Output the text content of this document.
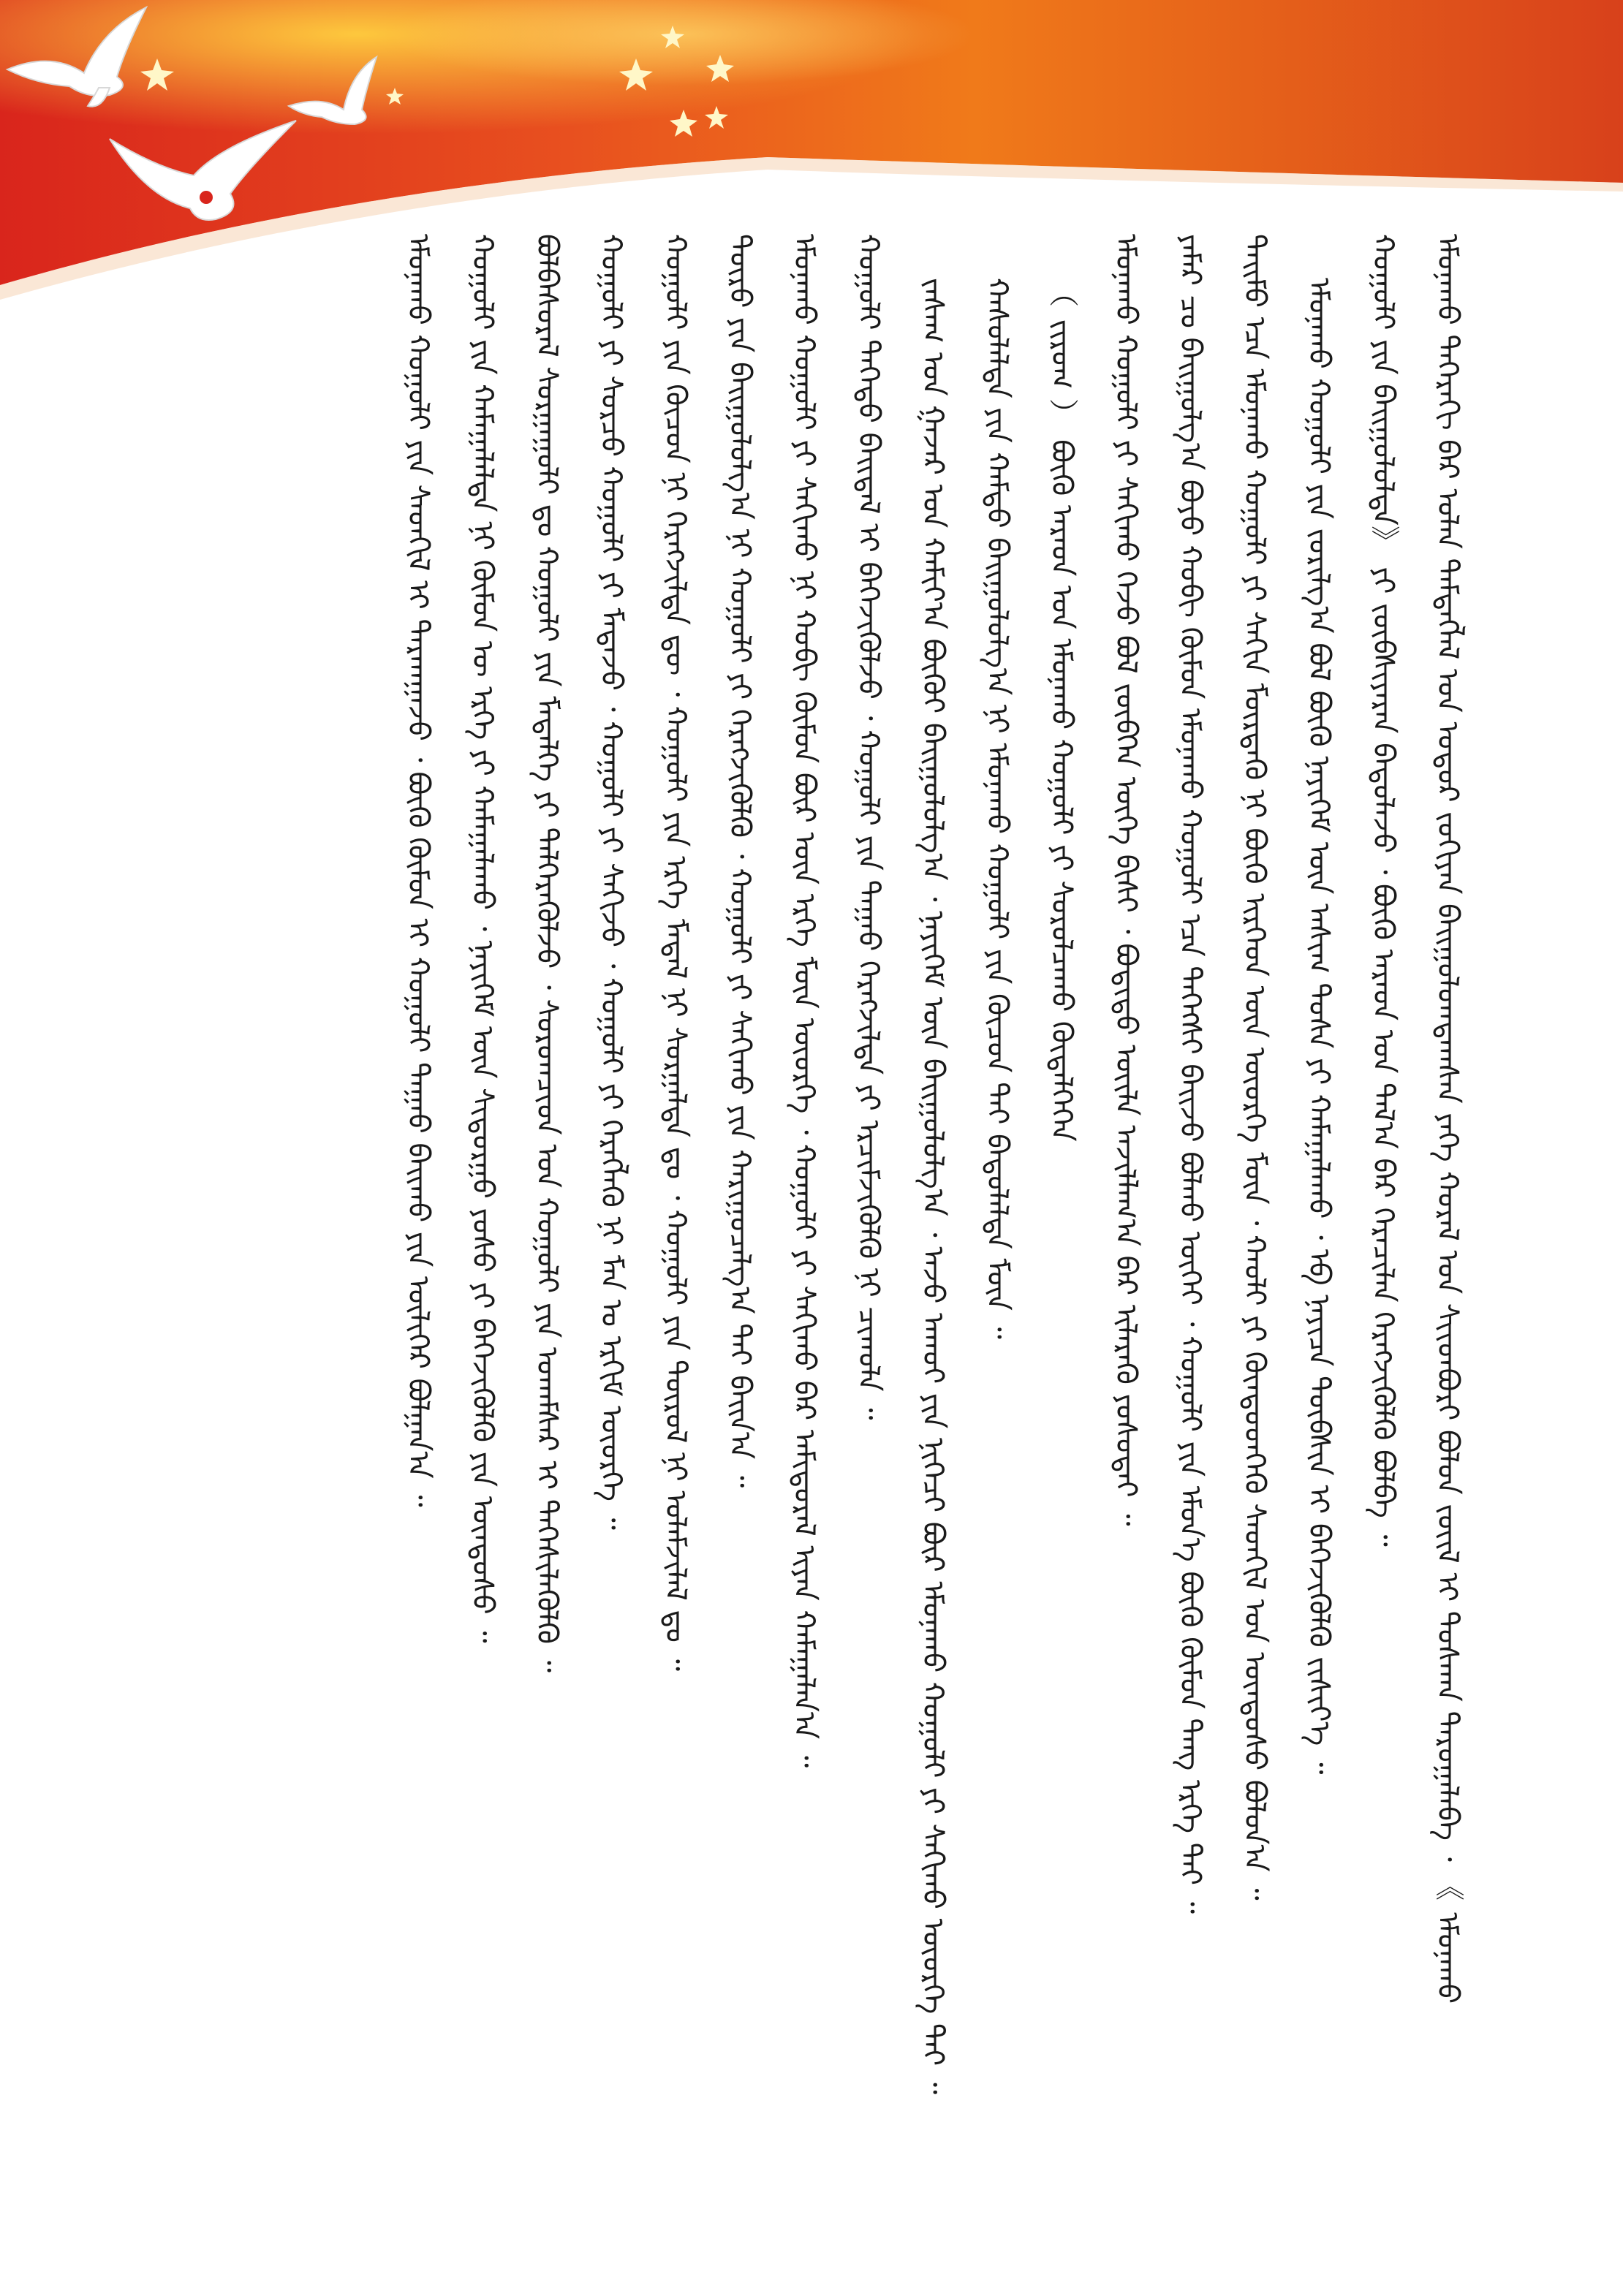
ᠡᠮᠤᠨᠡᠬᠤ ᠳᠡᠭᠡᠷᠡᠬᠢ ᠪᠠᠷ ᠣᠯᠠᠨ ᠲᠡᠮᠳᠡᠭᠯᠡᠯ ᠤᠨ ᠤᠳᠤᠷ ᠵᠣᠬᠢᠶᠠᠨ ᠪᠠᠢᠭᠤᠯᠤᠭᠳᠠᠭᠰᠠᠨ ᠶᠡᠬᠡ ᠬᠤᠷᠠᠯ ᠤᠨ ᠰᠢᠢᠳᠪᠦᠷᠢ ᠪᠣᠯᠤᠨ ᠵᠦᠢᠯ ᠢ ᠲᠤᠰᠬᠠᠨ ᠳᠠᠷᠤᠭᠠᠯᠠᠪᠠ ᠂ 《 ᠡᠮᠤᠨᠡᠬᠤ
ᠬᠤᠭᠤᠯᠢ ᠶᠢᠨ ᠪᠠᠢᠭᠤᠯᠤᠯᠲᠠ》 ᠶᠢ ᠵᠦᠪᠰᠢᠶᠡᠷᠡᠨ ᠪᠠᠲᠤᠯᠠᠵᠤ ᠂ ᠪᠦᠬᠦ ᠠᠷᠠᠳ ᠤᠨ ᠲᠠᠯ᠎ᠠ ᠪᠠᠷ ᠭᠡᠷᠡᠴᠢᠯᠡᠨ ᠬᠡᠷᠡᠭᠵᠢᠭᠦᠯᠬᠦ ᠪᠣᠯᠪᠠ ᠃
ᠡᠮᠤᠨᠡᠬᠤ ᠬᠤᠭᠤᠯᠢ ᠶᠢᠨ ᠵᠣᠷᠢᠯᠭ᠎ᠠ ᠪᠣᠯ ᠪᠦᠬᠦ ᠨᠡᠶᠢᠭᠡᠮ ᠦᠨ ᠠᠰᠢᠭ ᠲᠤᠰᠠ ᠶᠢ ᠬᠠᠮᠠᠭᠠᠯᠠᠬᠤ ᠂ ᠡᠪ ᠨᠡᠶᠢᠴᠡ ᠲᠥᠪᠰᠢᠨ ᠢ ᠪᠡᠬᠡᠵᠢᠭᠦᠯᠬᠦ ᠵᠢᠱᠢᠶ᠎ᠡ ᠃
ᠲᠡᠢᠮᠦ ᠡᠴᠡ ᠡᠮᠤᠨᠡᠬᠤ ᠬᠤᠭᠤᠯᠢ ᠶᠢ ᠰᠠᠬᠢᠨ ᠮᠦᠷᠳᠡᠬᠦ ᠨᠢ ᠪᠦᠬᠦ ᠢᠷᠭᠡᠳ ᠦᠨ ᠦᠦᠷᠭᠡ ᠮᠦᠨ ᠂ ᠬᠠᠤᠯᠢ ᠶᠢ ᠬᠦᠨᠳᠦᠳᠬᠡᠬᠦ ᠰᠡᠳᠭᠢᠯ ᠤᠨ ᠦᠨᠳᠦᠰᠦ ᠪᠣᠯᠤᠨ᠎ᠠ ᠃
ᠶᠠᠮᠠᠷ ᠴᠤ ᠪᠠᠢᠭᠤᠯᠭ᠎ᠠ ᠪᠤᠶᠤ ᠬᠤᠪᠢ ᠬᠦᠮᠦᠨ ᠡᠮᠤᠨᠡᠬᠤ ᠬᠤᠭᠤᠯᠢ ᠡᠴᠡ ᠳᠡᠭᠡᠭᠰᠢ ᠪᠠᠢᠵᠤ ᠪᠣᠯᠬᠤ ᠦᠭᠡᠢ ᠂ ᠬᠤᠭᠤᠯᠢ ᠶᠢᠨ ᠡᠮᠦᠨ᠎ᠡ ᠪᠦᠬᠦ ᠬᠦᠮᠦᠨ ᠲᠡᠩ ᠡᠷᠬᠡ ᠲᠡᠢ ᠃
ᠡᠮᠤᠨᠡᠬᠤ ᠬᠤᠭᠤᠯᠢ ᠶᠢ ᠰᠠᠬᠢᠬᠤ ᠭᠡᠵᠦ ᠪᠣᠯ ᠵᠥᠪᠬᠡᠨ ᠦᠭᠡ ᠪᠢᠰᠢ ᠂ ᠪᠣᠳᠢᠲᠤ ᠦᠢᠯᠡ ᠠᠵᠢᠯᠯᠠᠭ᠎ᠠ ᠪᠠᠷ ᠢᠯᠡᠷᠡᠬᠦ ᠶᠣᠰᠤᠲᠠᠢ ᠃
（ ᠵᠢᠷᠤᠭ ） ᠪᠦᠬᠦ ᠠᠷᠠᠳ ᠤᠨ ᠡᠮᠤᠨᠡᠬᠤ ᠬᠤᠭᠤᠯᠢ ᠶᠢ ᠰᠤᠷᠤᠯᠴᠠᠬᠤ ᠬᠥᠳᠡᠯᠭᠡᠭᠡᠨ
ᠬᠠᠰᠤᠯᠠᠯᠲᠠ ᠶᠢᠨ ᠬᠠᠮᠲᠤ ᠪᠠᠢᠭᠤᠯᠤᠯᠭ᠎ᠠ ᠨᠢ ᠡᠮᠤᠨᠡᠬᠤ ᠬᠤᠭᠤᠯᠢ ᠶᠢᠨ ᠬᠦᠴᠦᠨ ᠲᠡᠢ ᠪᠠᠲᠤᠯᠠᠯᠲᠠ ᠮᠥᠨ ᠃
ᠵᠠᠰᠠᠭ ᠤᠨ ᠭᠠᠵᠠᠷ ᠤᠨ ᠬᠠᠮᠢᠶ᠎ᠠ ᠪᠦᠬᠦᠢ ᠪᠠᠢᠭᠤᠯᠤᠯᠭ᠎ᠠ ᠂ ᠨᠡᠶᠢᠭᠡᠮ ᠦᠨ ᠪᠠᠢᠭᠤᠯᠤᠯᠭ᠎ᠠ ᠂ ᠠᠵᠤ ᠠᠬᠤᠢ ᠶᠢᠨ ᠨᠢᠭᠡᠴᠢ ᠪᠦᠷ ᠡᠮᠤᠨᠡᠬᠤ ᠬᠤᠭᠤᠯᠢ ᠶᠢ ᠰᠠᠬᠢᠬᠤ ᠦᠦᠷᠭᠡ ᠲᠡᠢ ᠃
ᠬᠤᠭᠤᠯᠢ ᠳᠡᠭᠡᠳᠦ ᠪᠠᠢᠳᠠᠯ ᠢ ᠪᠡᠬᠡᠵᠢᠭᠦᠯᠵᠦ ᠂ ᠬᠤᠭᠤᠯᠢ ᠶᠢᠨ ᠳᠠᠭᠠᠤ ᠬᠡᠷᠡᠭᠵᠢᠯᠲᠡ ᠶᠢ ᠡᠷᠴᠢᠮᠵᠢᠭᠦᠯᠬᠦ ᠨᠢ ᠴᠢᠬᠤᠯᠠ ᠃
ᠡᠮᠤᠨᠡᠬᠤ ᠬᠤᠭᠤᠯᠢ ᠶᠢ ᠰᠠᠬᠢᠬᠤ ᠨᠢ ᠬᠤᠪᠢ ᠬᠦᠮᠦᠨ ᠪᠦᠷ ᠦᠨ ᠡᠷᠬᠡ ᠮᠥᠨ ᠦᠦᠷᠭᠡ ᠂ ᠬᠤᠭᠤᠯᠢ ᠶᠢ ᠰᠠᠬᠢᠬᠤ ᠪᠠᠷ ᠠᠮᠢᠳᠤᠷᠠᠯ ᠢᠶᠡᠨ ᠬᠠᠮᠠᠭᠠᠯᠠᠨ᠎ᠠ ᠃
ᠲᠥᠷᠥ ᠶᠢᠨ ᠪᠠᠢᠭᠤᠯᠤᠯᠭ᠎ᠠ ᠨᠢ ᠬᠤᠭᠤᠯᠢ ᠶᠢ ᠬᠡᠷᠡᠭᠵᠢᠭᠦᠯᠬᠦ ᠂ ᠬᠤᠭᠤᠯᠢ ᠶᠢ ᠰᠠᠬᠢᠬᠤ ᠶᠢᠨ ᠬᠠᠷᠢᠭᠤᠴᠠᠯᠭ᠎ᠠ ᠲᠠᠢ ᠪᠠᠢᠨ᠎ᠠ ᠃
ᠬᠤᠭᠤᠯᠢ ᠶᠢᠨ ᠬᠦᠴᠦᠨ ᠨᠢ ᠬᠡᠷᠡᠭᠵᠢᠯᠲᠡ ᠳᠦ ᠂ ᠬᠤᠭᠤᠯᠢ ᠶᠢᠨ ᠡᠷᠬᠡ ᠮᠡᠳᠡᠯ ᠨᠢ ᠰᠤᠷᠭᠠᠯᠲᠠ ᠳᠤ ᠂ ᠬᠤᠭᠤᠯᠢ ᠶᠢᠨ ᠲᠥᠷᠥᠯ ᠨᠢ ᠤᠯᠠᠮᠵᠢᠯᠠᠯ ᠳᠤ ᠃
ᠬᠤᠭᠤᠯᠢ ᠶᠢ ᠰᠤᠷᠴᠤ ᠬᠤᠭᠤᠯᠢ ᠶᠢ ᠮᠡᠳᠡᠵᠦ ᠂ ᠬᠤᠭᠤᠯᠢ ᠶᠢ ᠰᠠᠬᠢᠵᠤ ᠂ ᠬᠤᠭᠤᠯᠢ ᠶᠢ ᠬᠡᠷᠡᠭᠯᠡᠬᠦ ᠨᠢ ᠮᠠᠨ ᠤ ᠡᠷᠬᠢᠮ ᠦᠦᠷᠭᠡ ᠃
ᠪᠣᠯᠪᠠᠰᠤᠷᠠᠯ ᠰᠤᠷᠭᠠᠭᠤᠯᠢ ᠳᠤ ᠬᠤᠭᠤᠯᠢ ᠶᠢᠨ ᠮᠡᠳᠡᠯᠭᠡ ᠶᠢ ᠳᠡᠯᠭᠡᠷᠡᠭᠦᠯᠵᠦ ᠂ ᠰᠤᠷᠤᠭᠴᠢᠳ ᠤᠨ ᠬᠤᠭᠤᠯᠢ ᠶᠢᠨ ᠤᠬᠠᠮᠰᠠᠷ ᠢ ᠳᠡᠭᠡᠰᠢᠯᠡᠭᠦᠯᠬᠦ ᠃
ᠬᠤᠭᠤᠯᠢ ᠶᠢᠨ ᠬᠠᠮᠠᠭᠠᠯᠠᠯᠲᠠ ᠨᠢ ᠬᠦᠮᠦᠨ ᠦ ᠡᠷᠬᠡ ᠶᠢ ᠬᠠᠮᠠᠭᠠᠯᠠᠬᠤ ᠂ ᠨᠡᠶᠢᠭᠡᠮ ᠦᠨ ᠰᠢᠳᠤᠷᠭᠤ ᠶᠣᠰᠤ ᠶᠢ ᠪᠡᠬᠡᠵᠢᠭᠦᠯᠬᠦ ᠶᠢᠨ ᠦᠨᠳᠦᠰᠦ ᠃
ᠡᠮᠤᠨᠡᠬᠤ ᠬᠤᠭᠤᠯᠢ ᠶᠢᠨ ᠰᠡᠳᠭᠢᠯ ᠢ ᠲᠠᠷᠬᠠᠭᠠᠵᠤ ᠂ ᠪᠦᠬᠦ ᠬᠦᠮᠦᠨ ᠢ ᠬᠤᠭᠤᠯᠢ ᠳᠠᠭᠠᠤ ᠪᠠᠢᠬᠤ ᠶᠢᠨ ᠦᠯᠢᠭᠡᠷ ᠪᠣᠯᠭᠠᠨ᠎ᠠ ᠃
